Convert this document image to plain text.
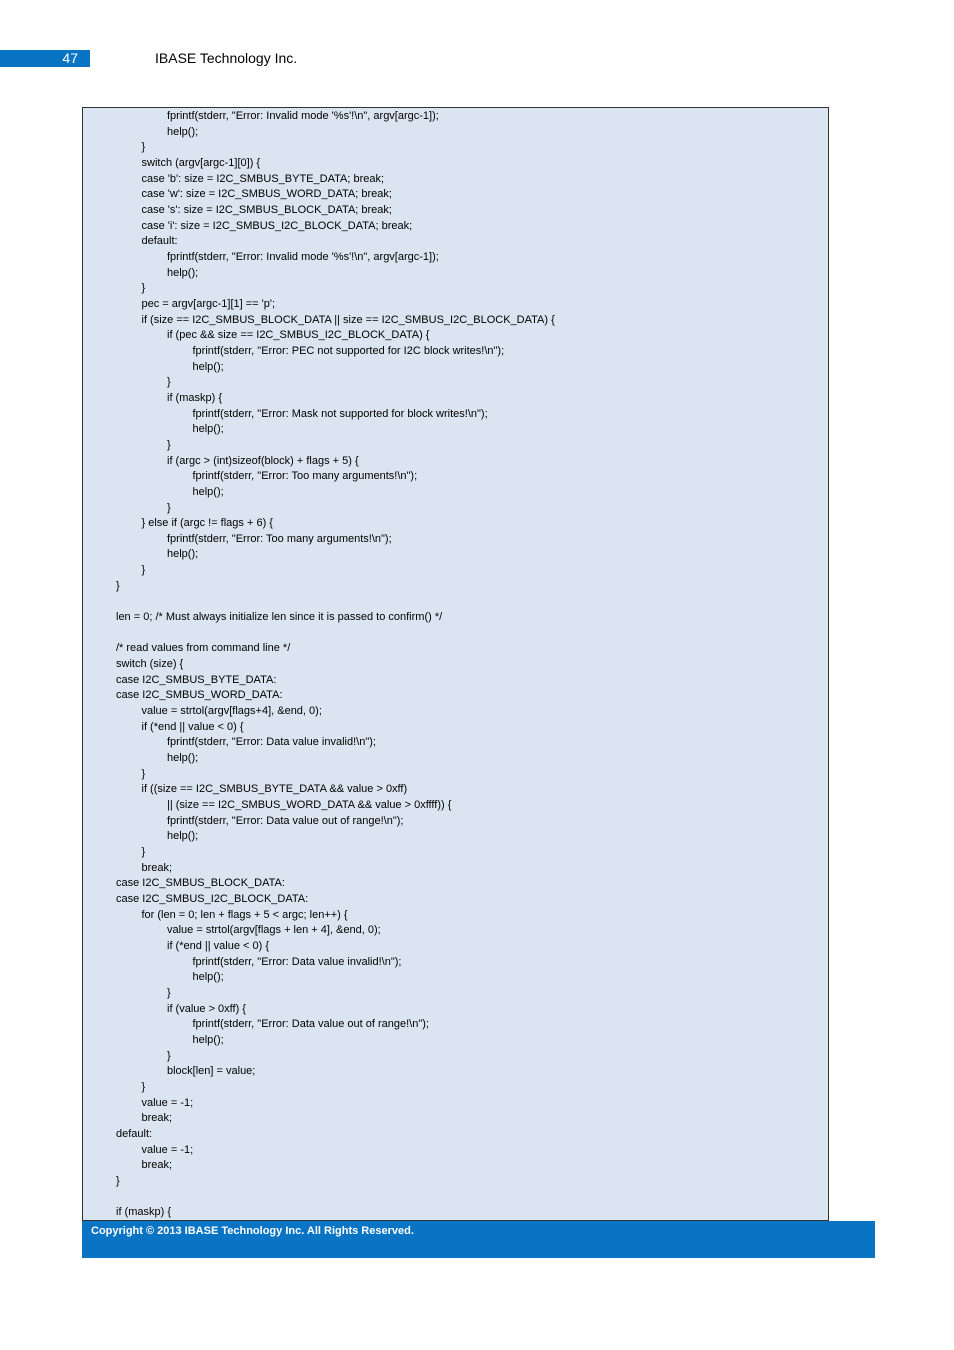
47	IBASE Technology Inc.
fprintf(stderr, "Error: Invalid mode '%s'!\n", argv[argc-1]);
help();
}
switch (argv[argc-1][0]) {
case 'b': size = I2C_SMBUS_BYTE_DATA; break;
case 'w': size = I2C_SMBUS_WORD_DATA; break;
case 's': size = I2C_SMBUS_BLOCK_DATA; break;
case 'i': size = I2C_SMBUS_I2C_BLOCK_DATA; break;
default:
fprintf(stderr, "Error: Invalid mode '%s'!\n", argv[argc-1]);
help();
}
pec = argv[argc-1][1] == 'p';
if (size == I2C_SMBUS_BLOCK_DATA || size == I2C_SMBUS_I2C_BLOCK_DATA) {
if (pec && size == I2C_SMBUS_I2C_BLOCK_DATA) {
fprintf(stderr, "Error: PEC not supported for I2C block writes!\n");
help();
}
if (maskp) {
fprintf(stderr, "Error: Mask not supported for block writes!\n");
help();
}
if (argc > (int)sizeof(block) + flags + 5) {
fprintf(stderr, "Error: Too many arguments!\n");
help();
}
} else if (argc != flags + 6) {
fprintf(stderr, "Error: Too many arguments!\n");
help();
}
}
len = 0; /* Must always initialize len since it is passed to confirm() */
/* read values from command line */
switch (size) {
case I2C_SMBUS_BYTE_DATA:
case I2C_SMBUS_WORD_DATA:
value = strtol(argv[flags+4], &end, 0);
if (*end || value < 0) {
fprintf(stderr, "Error: Data value invalid!\n");
help();
}
if ((size == I2C_SMBUS_BYTE_DATA && value > 0xff)
|| (size == I2C_SMBUS_WORD_DATA && value > 0xffff)) {
fprintf(stderr, "Error: Data value out of range!\n");
help();
}
break;
case I2C_SMBUS_BLOCK_DATA:
case I2C_SMBUS_I2C_BLOCK_DATA:
for (len = 0; len + flags + 5 < argc; len++) {
value = strtol(argv[flags + len + 4], &end, 0);
if (*end || value < 0) {
fprintf(stderr, "Error: Data value invalid!\n");
help();
}
if (value > 0xff) {
fprintf(stderr, "Error: Data value out of range!\n");
help();
}
block[len] = value;
}
value = -1;
break;
default:
value = -1;
break;
}
if (maskp) {
Copyright © 2013 IBASE Technology Inc. All Rights Reserved.
